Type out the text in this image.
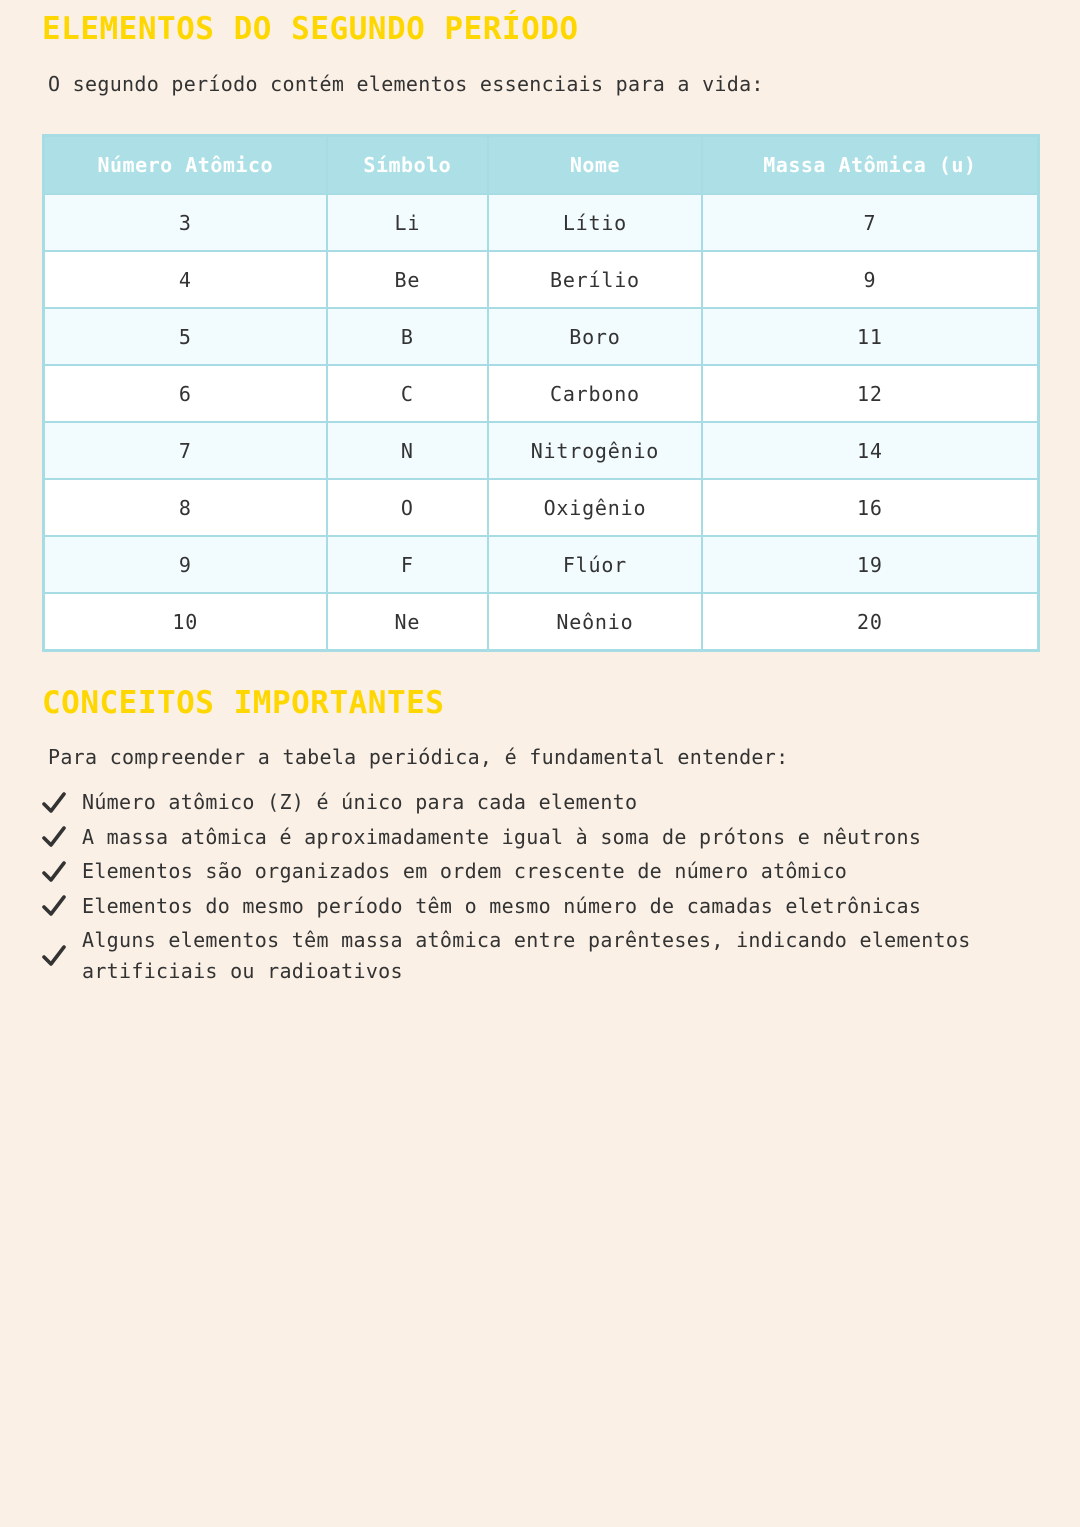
ELEMENTOS DO SEGUNDO PERÍODO

O segundo período contém elementos essenciais para a vida:

Número Atômico	Símbolo	Nome	Massa Atômica (u)
3	Li	Lítio	7
4	Be	Berílio	9
5	B	Boro	11
6	C	Carbono	12
7	N	Nitrogênio	14
8	O	Oxigênio	16
9	F	Flúor	19
10	Ne	Neônio	20
CONCEITOS IMPORTANTES

Para compreender a tabela periódica, é fundamental entender:

Número atômico (Z) é único para cada elemento
A massa atômica é aproximadamente igual à soma de prótons e nêutrons
Elementos são organizados em ordem crescente de número atômico
Elementos do mesmo período têm o mesmo número de camadas eletrônicas
Alguns elementos têm massa atômica entre parênteses, indicando elementos artificiais ou radioativos
